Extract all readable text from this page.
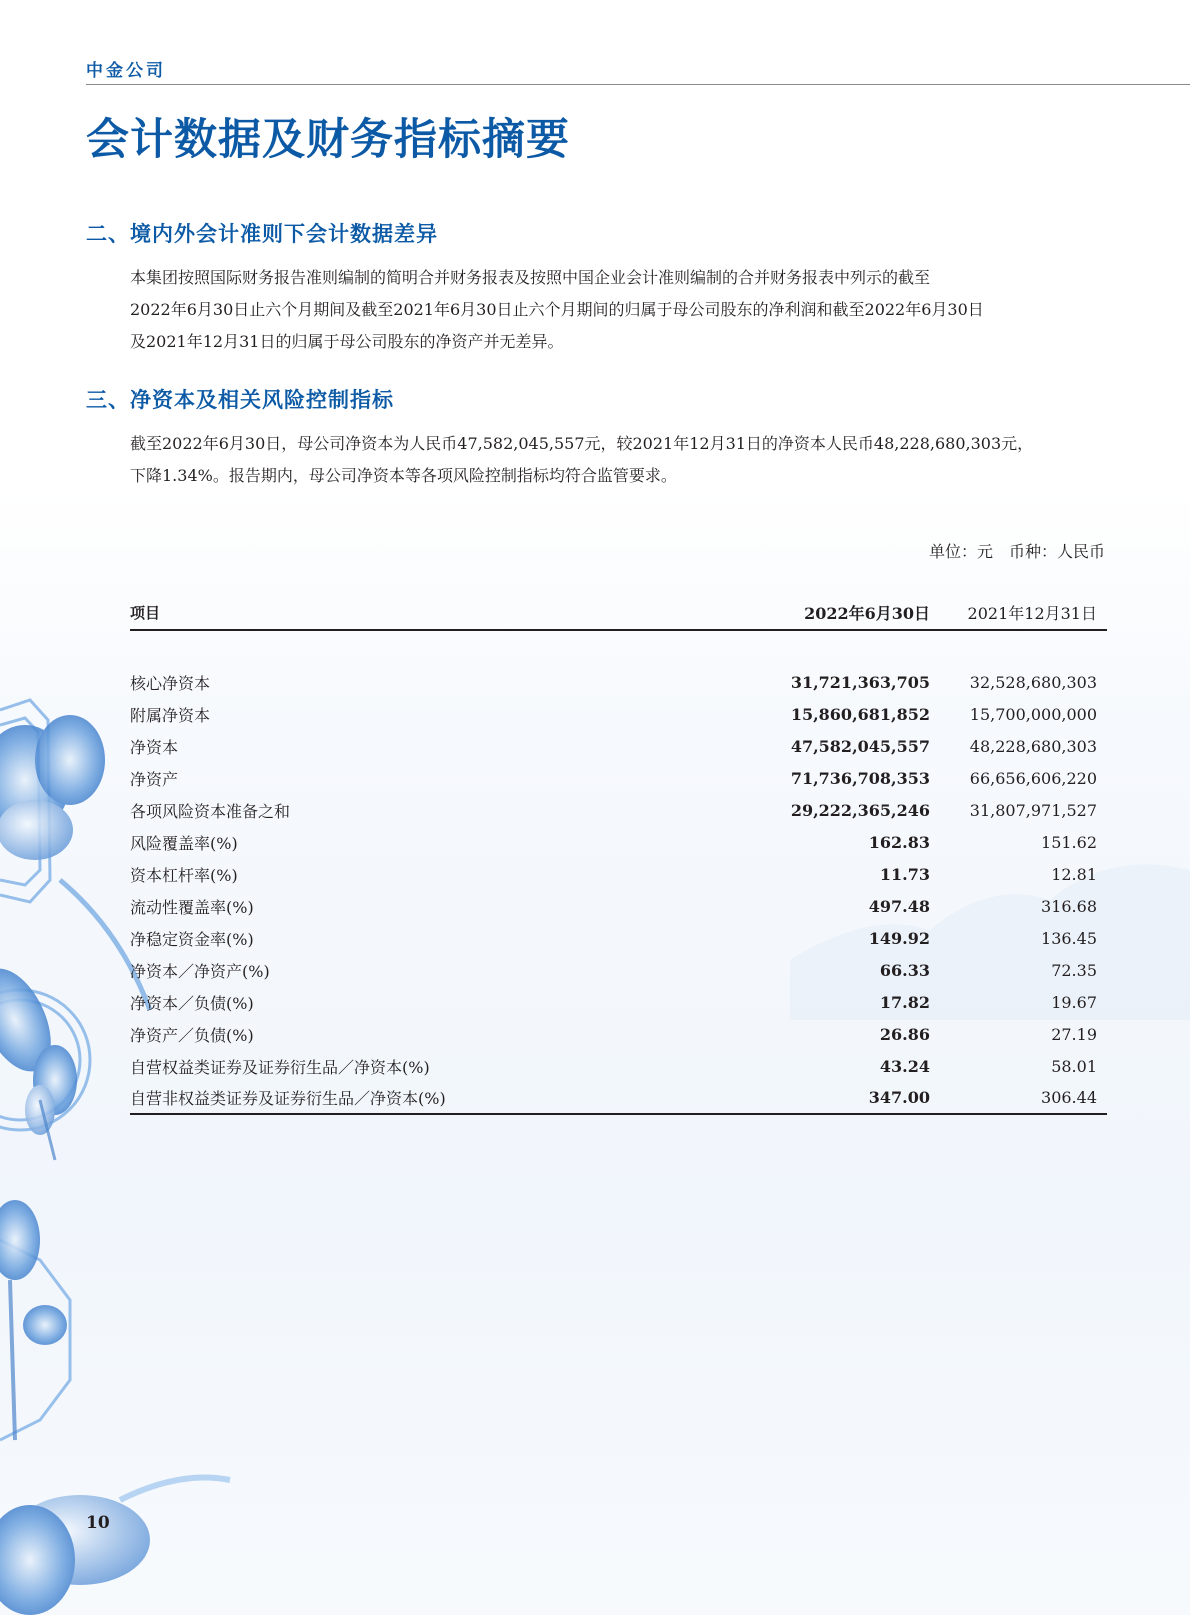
中金公司
会计数据及财务指标摘要
二、境内外会计准则下会计数据差异
本集团按照国际财务报告准则编制的简明合并财务报表及按照中国企业会计准则编制的合并财务报表中列示的截至
2022年6月30日止六个月期间及截至2021年6月30日止六个月期间的归属于母公司股东的净利润和截至2022年6月30日
及2021年12月31日的归属于母公司股东的净资产并无差异。
三、净资本及相关风险控制指标
截至2022年6月30日，母公司净资本为人民币47,582,045,557元，较2021年12月31日的净资本人民币48,228,680,303元，
下降1.34%。报告期内，母公司净资本等各项风险控制指标均符合监管要求。
单位：元　币种：人民币
项目	2022年6月30日	2021年12月31日

核心净资本	31,721,363,705	32,528,680,303
附属净资本	15,860,681,852	15,700,000,000
净资本	47,582,045,557	48,228,680,303
净资产	71,736,708,353	66,656,606,220
各项风险资本准备之和	29,222,365,246	31,807,971,527
风险覆盖率(%)	162.83	151.62
资本杠杆率(%)	11.73	12.81
流动性覆盖率(%)	497.48	316.68
净稳定资金率(%)	149.92	136.45
净资本／净资产(%)	66.33	72.35
净资本／负债(%)	17.82	19.67
净资产／负债(%)	26.86	27.19
自营权益类证券及证券衍生品／净资本(%)	43.24	58.01
自营非权益类证券及证券衍生品／净资本(%)	347.00	306.44
10
